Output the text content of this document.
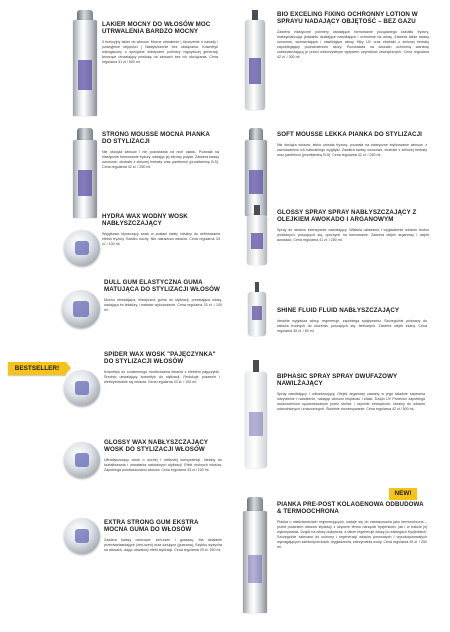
BESTSELLER!
NEW!
LAKIER MOCNY DO WŁOSÓW MOC UTRWALENIA BARDZO MOCNY
3 funkcyjny lakier do włosów. Mocne utrwalenie | Unoszenie u nasady i podwyjenie objętości | Nabłyszczenie bez obciążania. Kosmetyk wzbogacony o specjalne elastyczne polimery najwyższej generacji tworzące utrwalający powłokę na włosach bez ich obciążania. Cena regularna 31 zł / 500 ml.
BIO EXCELING FIXING OCHRONNY LOTION W SPRAYU NADAJĄCY OBJĘTOŚĆ – BEZ GAZU
Zawiera elastyczne polimery utwalające formowanie pożądanego kształtu fryzury, maksymalizując jedwabiu działające nawilżające i ochronnie na włosy. Zawiera także kwasy owocowe, wzmacniające i nawilżające włosy, filtry UV oraz ekstrakt z zielonej herbaty zapobiegający podrażnieniom skóry. Pozostawia na włosach ochronną warstwę zabezpieczającą je przed niekorzystnym wpływem czynników zewnętrznych. Cena regularna 42 zł. / 300 ml.
STRONG MOUSSE MOCNA PIANKA DO STYLIZACJI
Nie obciąża włosów i nie pozostawia na nich osadu. Pozwala na elastyczne formowanie fryzury, nadając jej zdrowy połysk. Zawiera kwasy owocowe, ekstrakt z zielonej herbaty oraz panthenol (prowitaminę B-5). Cena regularna 42 zł. / 250 ml.
SOFT MOUSSE LEKKA PIANKA DO STYLIZACJI
Nie obciąża włosów, lekko utrwala fryzurę, pozwala na elastyczne stylizowanie włosów, z zachowaniem ich naturalnego wyglądu. Zawiera kwasy owocowe, ekstrakt z zielonej herbaty oraz panthenol (prowitaminę B-5). Cena regularna 42 zł. / 250 ml.
HYDRA WAX WODNY WOSK NABŁYSZCZAJĄCY
Wyjątkowo błyszczący wosk w postaci stałej. Idealny do definiowania efektu fryzury. Bardzo suchy. Nie nałuszcza włosów. Cena regularna 33 zł. / 100 ml.
GLOSSY SPRAY SPRAY NABŁYSZCZAJĄCY Z OLEJKIEM AWOKADO I ARGANOWYM
Spray do włosów intensywnie nawilżający. Włatwia układanie i wygładzenie włosów trudno poddanych, puszących się, opornych na formowanie. Zawiera olejek arganowy i olejek awokado. Cena regularna 41 zł. / 250 ml.
DULL GUM ELASTYCZNA GUMA MATUJĄCA DO STYLIZACJI WŁOSÓW
Mocno utrwalająca, elastyczna guma do stylizacji, przestająca włosy, nadająca im tekstury i matowe wykończenie. Cena regularna 33 zł. / 100 ml.	SHINE FLUID FLUID NABŁYSZCZAJĄCY
Idealnie wygładza włosy, regeneruje, zapobiega splątywaniu. Szczególnie polecany do włosów trudnych do ułożenia, puszących się, farbowych. Zawiera olejek lniany. Cena regularna 35 zł. / 80 ml.
SPIDER WAX WOSK "PAJĘCZYNKA" DO STYLIZACJI WŁOSÓW
Kosmetyk do codziennego modelowania włosów z efektem pajęczynki. Średnio utrwalający kosmetyk do stylizacji. Redukuje puszenie i elektryzowanie się włosów. Cena regularna 33 zł. / 100 ml.
BIPHASIC SPRAY SPRAY DWUFAZOWY NAWILŻAJĄCY
Spray nawilżający i odbudowujący. Olejek arganowy zawarty w jego składzie zapewnia odżywienie i nawilżenie, nadając włosom miękkość i blask. Dzięki UV Protector zapobiega uszkodzeniom spowodowanym przez słońce i czynniki zewnętrzne. Idealny do włosów odwodnionych i zniszczonych. Świetnie rozczesywanie. Cena regularna 42 zł / 500 ml.
GLOSSY WAX NABŁYSZCZAJĄCY WOSK DO STYLIZACJI WŁOSÓW
Ultrabłyszczący wosk o suchej i nietłustej konsystencji. Idealny do kształtowania i utrwalania naturalnych stylizacji. Efekt mokrych włosów. Zapobiega przetłuszczaniu włosów. Cena regularna 33 zł / 100 ml.
PIANKA PRE-POST KOLAGENOWA ODBUDOWA & TERMOOCHRONA
Pianka o właściwościach regenerujących, nadaje się do zastosowania jako termoochrona – przed podaniem włosów stylizacji z użyciem termo narzędzi fryzjerskich, jak i w trakcie jej wykonywania. Dzięki na włosy odżywcza, a także regeneruje włosy po zabiegach fryzjerskich. Szczególnie zalecana do ochrony i regeneracji włosów porowatych i wysokoporowatych wymagających zamknięcia łusek, wygładzenia, zatrzymania wody. Cena regularna 49 zł. / 250 ml.
EXTRA STRONG GUM EKSTRA MOCNA GUMA DO WŁOSÓW
Zawiera kwasy owocowe, żeń-szeń i guaranę. Ma działanie przeciwwłasniające (żeń-szeń) oraz tonujące (guarana). Szybko wysycha na włosach, dając utrwalony efekt stylizacji. Cena regularna 29 zł. 250 ml.
